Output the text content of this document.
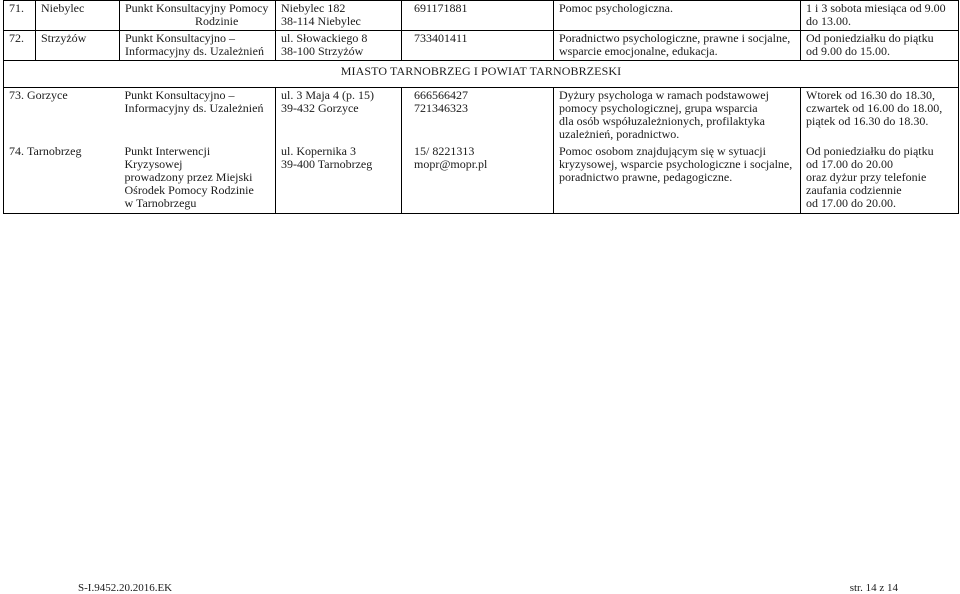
71.	Niebylec	Punkt Konsultacyjny Pomocy
Rodzinie	Niebylec 182
38-114 Niebylec	691171881	Pomoc psychologiczna.	1 i 3 sobota miesiąca od 9.00
do 13.00.

72.	Strzyżów	Punkt Konsultacyjno –
Informacyjny ds. Uzależnień	ul. Słowackiego 8
38-100 Strzyżów	733401411	Poradnictwo psychologiczne, prawne i socjalne,
wsparcie emocjonalne, edukacja.	Od poniedziałku do piątku
od 9.00 do 15.00.

MIASTO TARNOBRZEG I POWIAT TARNOBRZESKI						
73. Gorzyce		Punkt Konsultacyjno –
Informacyjny ds. Uzależnień	ul. 3 Maja 4 (p. 15)
39-432 Gorzyce	666566427
721346323	Dyżury psychologa w ramach podstawowej
pomocy psychologicznej, grupa wsparcia
dla osób współuzależnionych, profilaktyka
uzależnień, poradnictwo.	Wtorek od 16.30 do 18.30,
czwartek od 16.00 do 18.00,
piątek od 16.30 do 18.30.

74. Tarnobrzeg		Punkt Interwencji Kryzysowej
prowadzony przez Miejski
Ośrodek Pomocy Rodzinie
w Tarnobrzegu	ul. Kopernika 3
39-400 Tarnobrzeg	15/ 8221313
mopr@mopr.pl	Pomoc osobom znajdującym się w sytuacji
kryzysowej, wsparcie psychologiczne i socjalne,
poradnictwo prawne, pedagogiczne.	Od poniedziałku do piątku
od 17.00 do 20.00
oraz dyżur przy telefonie
zaufania codziennie
od 17.00 do 20.00.
S-I.9452.20.2016.EK	str. 14 z 14
